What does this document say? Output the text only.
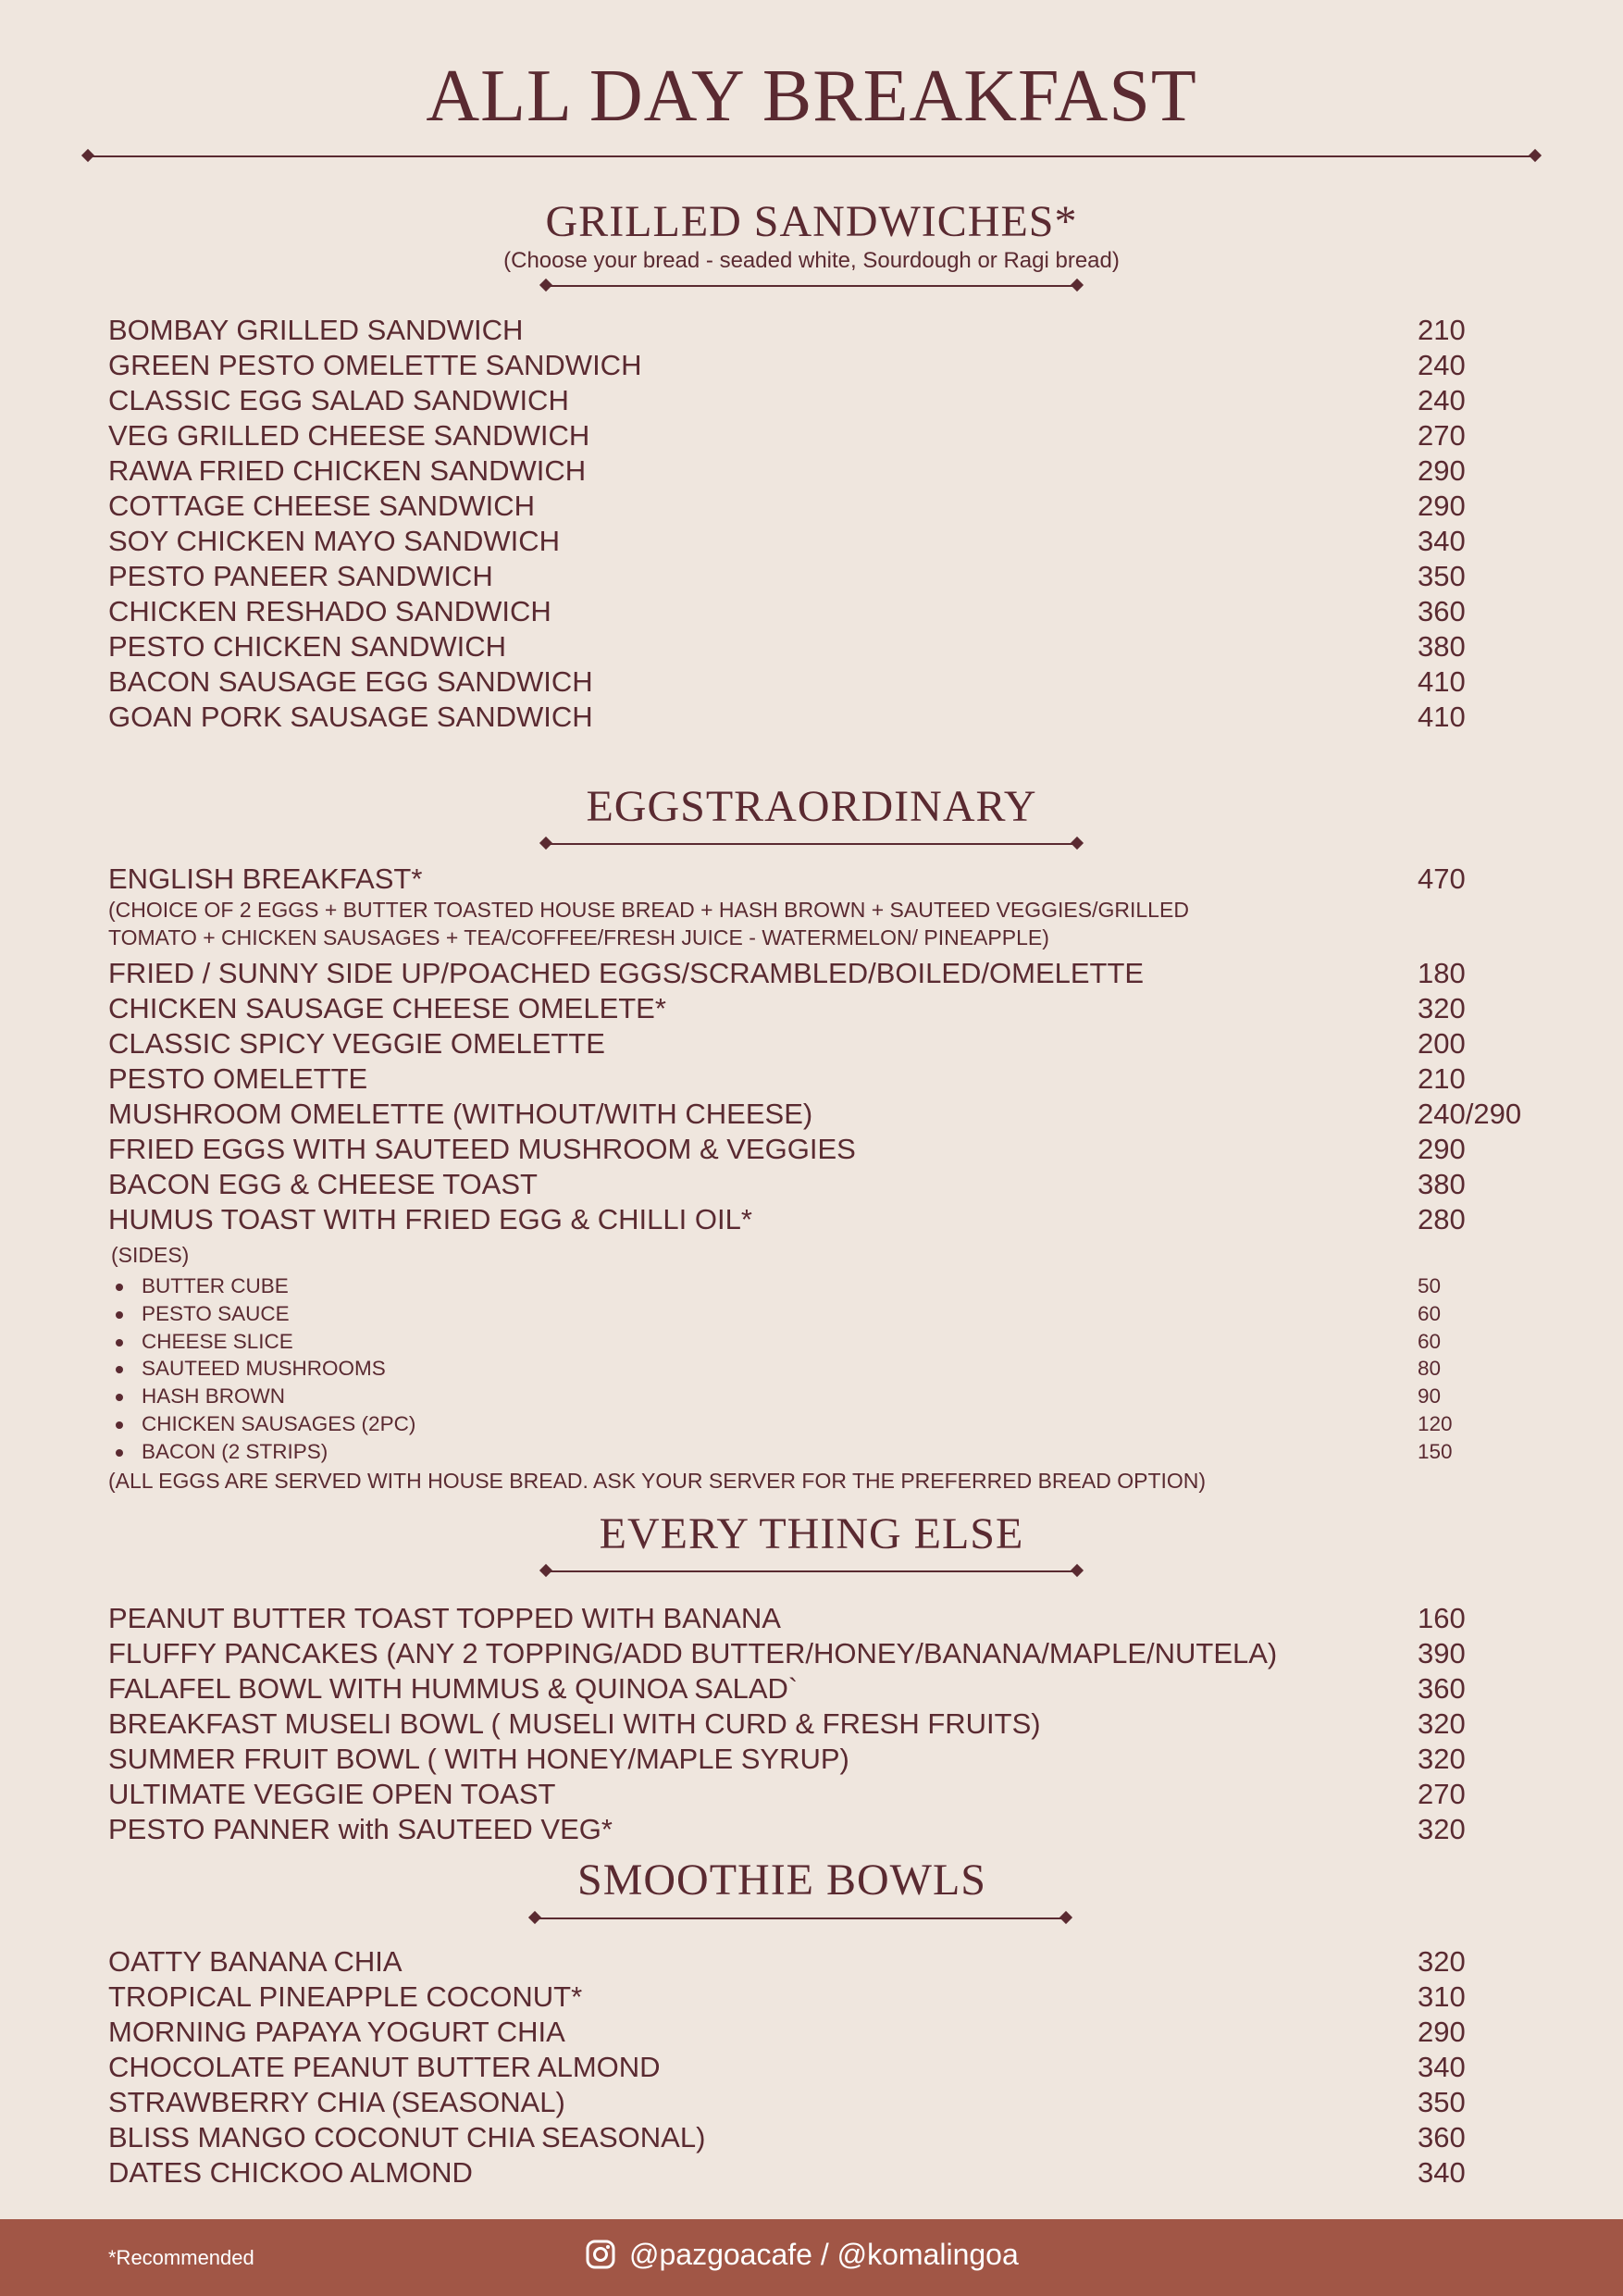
ALL DAY BREAKFAST
GRILLED SANDWICHES*
(Choose your bread - seaded white, Sourdough or Ragi bread)
BOMBAY GRILLED SANDWICH	210
GREEN PESTO OMELETTE SANDWICH	240
CLASSIC EGG SALAD SANDWICH	240
VEG GRILLED CHEESE SANDWICH	270
RAWA FRIED CHICKEN SANDWICH	290
COTTAGE CHEESE SANDWICH	290
SOY CHICKEN MAYO SANDWICH	340
PESTO PANEER SANDWICH	350
CHICKEN RESHADO SANDWICH	360
PESTO CHICKEN SANDWICH	380
BACON SAUSAGE EGG SANDWICH	410
GOAN PORK SAUSAGE SANDWICH	410
EGGSTRAORDINARY
ENGLISH BREAKFAST*	470
(CHOICE OF 2 EGGS + BUTTER TOASTED HOUSE BREAD + HASH BROWN + SAUTEED VEGGIES/GRILLED
TOMATO + CHICKEN SAUSAGES + TEA/COFFEE/FRESH JUICE - WATERMELON/ PINEAPPLE)
FRIED / SUNNY SIDE UP/POACHED EGGS/SCRAMBLED/BOILED/OMELETTE	180
CHICKEN SAUSAGE CHEESE OMELETE*	320
CLASSIC SPICY VEGGIE OMELETTE	200
PESTO OMELETTE	210
MUSHROOM OMELETTE (WITHOUT/WITH CHEESE)	240/290
FRIED EGGS WITH SAUTEED MUSHROOM & VEGGIES	290
BACON EGG & CHEESE TOAST	380
HUMUS TOAST WITH FRIED EGG & CHILLI OIL*	280
(SIDES)
BUTTER CUBE	50
PESTO SAUCE	60
CHEESE SLICE	60
SAUTEED MUSHROOMS	80
HASH BROWN	90
CHICKEN SAUSAGES (2PC)	120
BACON (2 STRIPS)	150
(ALL EGGS ARE SERVED WITH HOUSE BREAD. ASK YOUR SERVER FOR THE PREFERRED BREAD OPTION)
EVERY THING ELSE
PEANUT BUTTER TOAST TOPPED WITH BANANA	160
FLUFFY PANCAKES (ANY 2 TOPPING/ADD BUTTER/HONEY/BANANA/MAPLE/NUTELA)	390
FALAFEL BOWL WITH HUMMUS & QUINOA SALAD`	360
BREAKFAST MUSELI BOWL ( MUSELI WITH CURD & FRESH FRUITS)	320
SUMMER FRUIT BOWL ( WITH HONEY/MAPLE SYRUP)	320
ULTIMATE VEGGIE OPEN TOAST	270
PESTO PANNER with SAUTEED VEG*	320
SMOOTHIE BOWLS
OATTY BANANA CHIA	320
TROPICAL PINEAPPLE COCONUT*	310
MORNING PAPAYA YOGURT CHIA	290
CHOCOLATE PEANUT BUTTER ALMOND	340
STRAWBERRY CHIA (SEASONAL)	350
BLISS MANGO COCONUT CHIA SEASONAL)	360
DATES CHICKOO ALMOND	340
*Recommended	@pazgoacafe / @komalingoa
